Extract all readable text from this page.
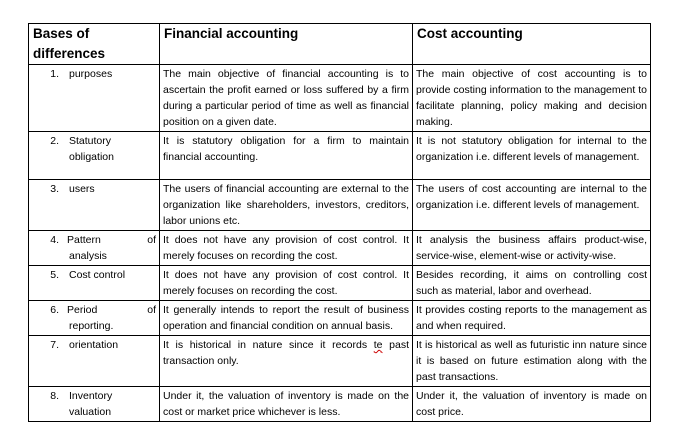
Bases of differences	Financial accounting	Cost accounting

1. purposes	The main objective of financial accounting is to ascertain the profit earned or loss suffered by a firm during a particular period of time as well as financial position on a given date.	The main objective of cost accounting is to provide costing information to the management to facilitate planning, policy making and decision making.

2. Statutory
obligation	It is statutory obligation for a firm to maintain financial accounting.	It is not statutory obligation for internal to the organization i.e. different levels of management.

3. users	The users of financial accounting are external to the organization like shareholders, investors, creditors, labor unions etc.	The users of cost accounting are internal to the organization i.e. different levels of management.

4. Pattern of
analysis	It does not have any provision of cost control. It merely focuses on recording the cost.	It analysis the business affairs product-wise, service-wise, element-wise or activity-wise.

5. Cost control	It does not have any provision of cost control. It merely focuses on recording the cost.	Besides recording, it aims on controlling cost such as material, labor and overhead.

6. Period of
reporting.	It generally intends to report the result of business operation and financial condition on annual basis.	It provides costing reports to the management as and when required.

7. orientation	It is historical in nature since it records te past transaction only.	It is historical as well as futuristic inn nature since it is based on future estimation along with the past transactions.

8. Inventory
valuation	Under it, the valuation of inventory is made on the cost or market price whichever is less.	Under it, the valuation of inventory is made on cost price.
